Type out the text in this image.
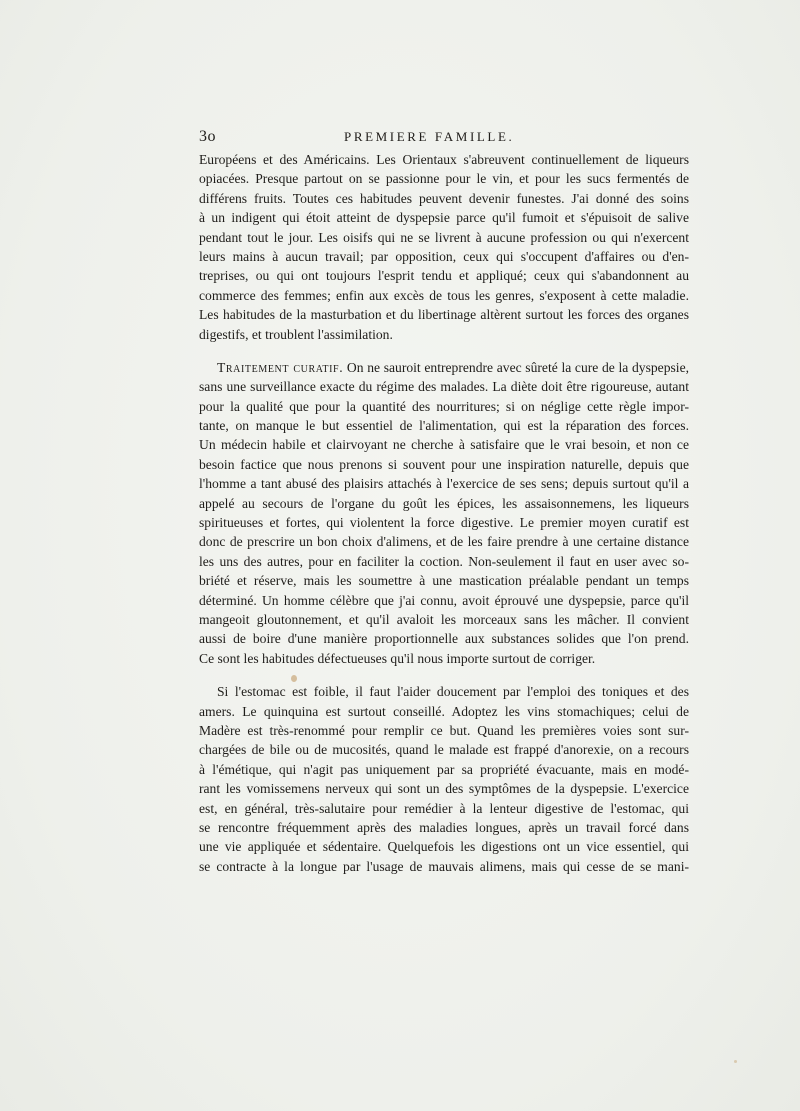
3o	PREMIERE FAMILLE.
Européens et des Américains. Les Orientaux s'abreuvent continuellement de liqueurs
opiacées. Presque partout on se passionne pour le vin, et pour les sucs fermentés de
différens fruits. Toutes ces habitudes peuvent devenir funestes. J'ai donné des soins
à un indigent qui étoit atteint de dyspepsie parce qu'il fumoit et s'épuisoit de salive
pendant tout le jour. Les oisifs qui ne se livrent à aucune profession ou qui n'exercent
leurs mains à aucun travail; par opposition, ceux qui s'occupent d'affaires ou d'en-
treprises, ou qui ont toujours l'esprit tendu et appliqué; ceux qui s'abandonnent au
commerce des femmes; enfin aux excès de tous les genres, s'exposent à cette maladie.
Les habitudes de la masturbation et du libertinage altèrent surtout les forces des organes
digestifs, et troublent l'assimilation.
Traitement curatif. On ne sauroit entreprendre avec sûreté la cure de la dyspepsie,
sans une surveillance exacte du régime des malades. La diète doit être rigoureuse, autant
pour la qualité que pour la quantité des nourritures; si on néglige cette règle impor-
tante, on manque le but essentiel de l'alimentation, qui est la réparation des forces.
Un médecin habile et clairvoyant ne cherche à satisfaire que le vrai besoin, et non ce
besoin factice que nous prenons si souvent pour une inspiration naturelle, depuis que
l'homme a tant abusé des plaisirs attachés à l'exercice de ses sens; depuis surtout qu'il a
appelé au secours de l'organe du goût les épices, les assaisonnemens, les liqueurs
spiritueuses et fortes, qui violentent la force digestive. Le premier moyen curatif est
donc de prescrire un bon choix d'alimens, et de les faire prendre à une certaine distance
les uns des autres, pour en faciliter la coction. Non-seulement il faut en user avec so-
briété et réserve, mais les soumettre à une mastication préalable pendant un temps
déterminé. Un homme célèbre que j'ai connu, avoit éprouvé une dyspepsie, parce qu'il
mangeoit gloutonnement, et qu'il avaloit les morceaux sans les mâcher. Il convient
aussi de boire d'une manière proportionnelle aux substances solides que l'on prend.
Ce sont les habitudes défectueuses qu'il nous importe surtout de corriger.
Si l'estomac est foible, il faut l'aider doucement par l'emploi des toniques et des
amers. Le quinquina est surtout conseillé. Adoptez les vins stomachiques; celui de
Madère est très-renommé pour remplir ce but. Quand les premières voies sont sur-
chargées de bile ou de mucosités, quand le malade est frappé d'anorexie, on a recours
à l'émétique, qui n'agit pas uniquement par sa propriété évacuante, mais en modé-
rant les vomissemens nerveux qui sont un des symptômes de la dyspepsie. L'exercice
est, en général, très-salutaire pour remédier à la lenteur digestive de l'estomac, qui
se rencontre fréquemment après des maladies longues, après un travail forcé dans
une vie appliquée et sédentaire. Quelquefois les digestions ont un vice essentiel, qui
se contracte à la longue par l'usage de mauvais alimens, mais qui cesse de se mani-
